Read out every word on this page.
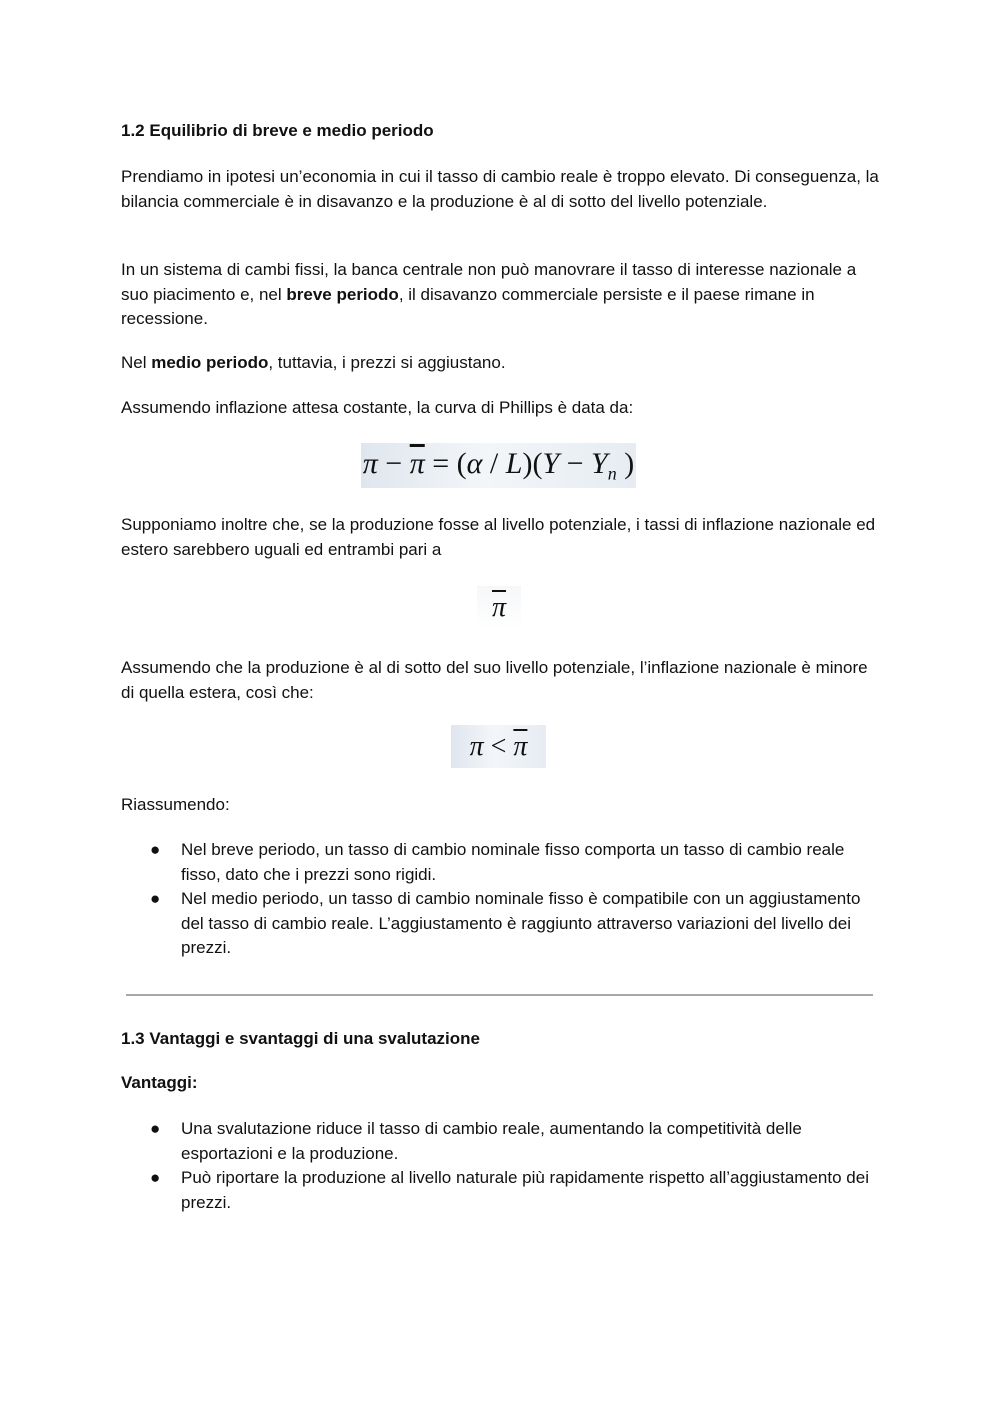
1.2 Equilibrio di breve e medio periodo

Prendiamo in ipotesi un’economia in cui il tasso di cambio reale è troppo elevato. Di conseguenza, la bilancia commerciale è in disavanzo e la produzione è al di sotto del livello potenziale.

In un sistema di cambi fissi, la banca centrale non può manovrare il tasso di interesse nazionale a suo piacimento e, nel breve periodo, il disavanzo commerciale persiste e il paese rimane in recessione.

Nel medio periodo, tuttavia, i prezzi si aggiustano.

Assumendo inflazione attesa costante, la curva di Phillips è data da:

$\pi - \overline{\pi} = (\alpha / L)(Y - Y_n$ )

Supponiamo inoltre che, se la produzione fosse al livello potenziale, i tassi di inflazione nazionale ed estero sarebbero uguali ed entrambi pari a

$\overline{\pi}$

Assumendo che la produzione è al di sotto del suo livello potenziale, l’inflazione nazionale è minore di quella estera, così che:

$\pi < \overline{\pi}$

Riassumendo:

● Nel breve periodo, un tasso di cambio nominale fisso comporta un tasso di cambio reale fisso, dato che i prezzi sono rigidi.
● Nel medio periodo, un tasso di cambio nominale fisso è compatibile con un aggiustamento del tasso di cambio reale. L’aggiustamento è raggiunto attraverso variazioni del livello dei prezzi.
1.3 Vantaggi e svantaggi di una svalutazione
Vantaggi:
● Una svalutazione riduce il tasso di cambio reale, aumentando la competitività delle esportazioni e la produzione.
● Può riportare la produzione al livello naturale più rapidamente rispetto all’aggiustamento dei prezzi.
